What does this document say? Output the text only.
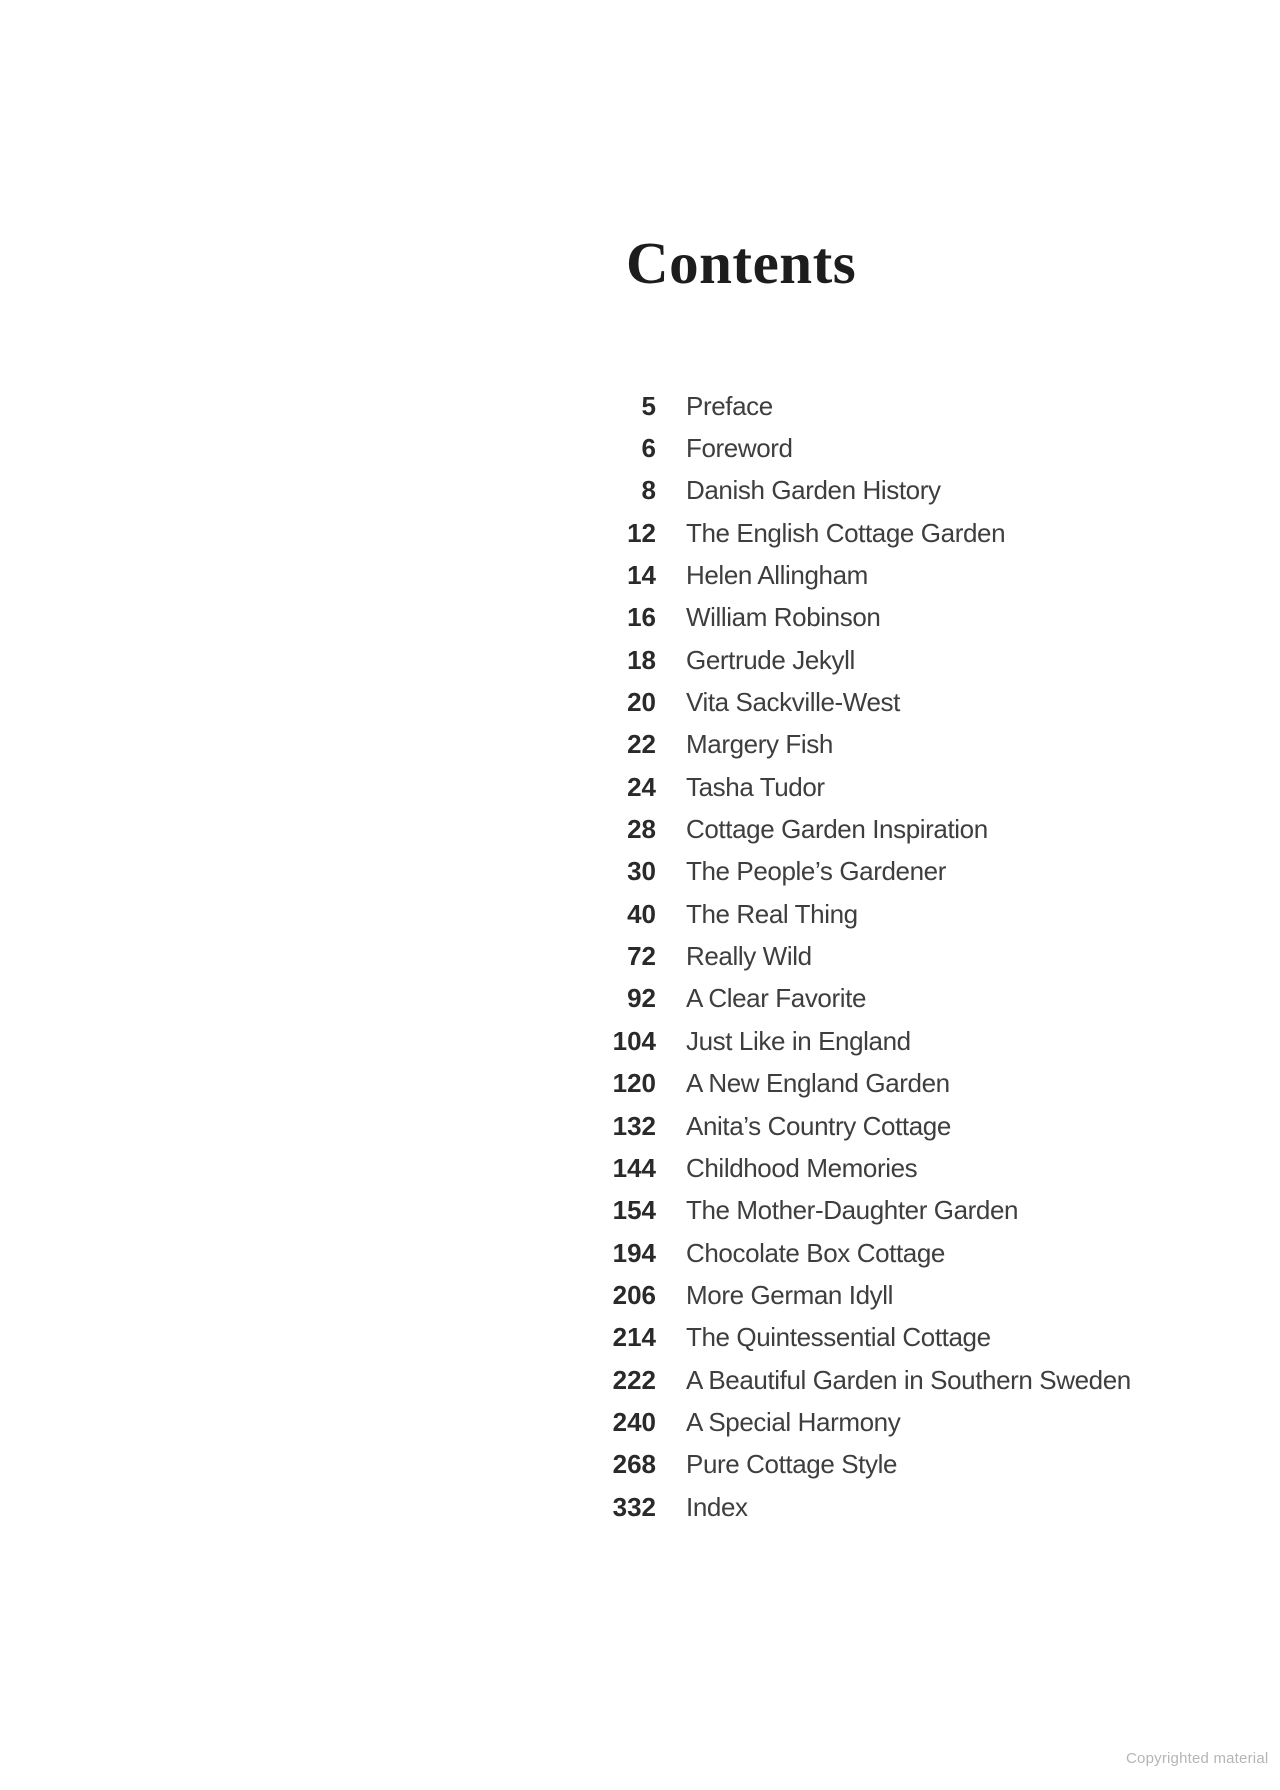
Contents
5 Preface
6 Foreword
8 Danish Garden History
12 The English Cottage Garden
14 Helen Allingham
16 William Robinson
18 Gertrude Jekyll
20 Vita Sackville-West
22 Margery Fish
24 Tasha Tudor
28 Cottage Garden Inspiration
30 The People’s Gardener
40 The Real Thing
72 Really Wild
92 A Clear Favorite
104 Just Like in England
120 A New England Garden
132 Anita’s Country Cottage
144 Childhood Memories
154 The Mother-Daughter Garden
194 Chocolate Box Cottage
206 More German Idyll
214 The Quintessential Cottage
222 A Beautiful Garden in Southern Sweden
240 A Special Harmony
268 Pure Cottage Style
332 Index
Copyrighted material
